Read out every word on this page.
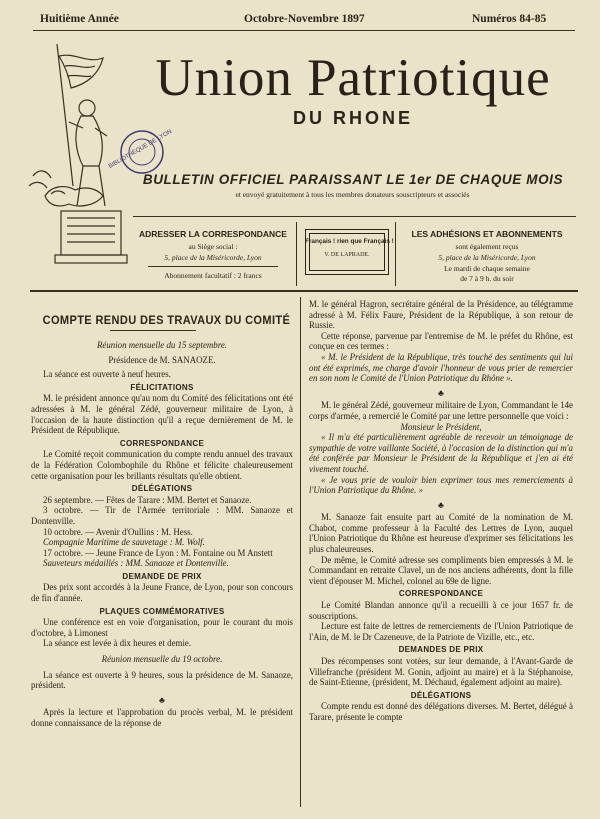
Huitième Année	Octobre-Novembre 1897	Numéros 84-85
BIBLIOTHÈQUE DE LYON
Union Patriotique
DU RHONE
BULLETIN OFFICIEL PARAISSANT LE 1er DE CHAQUE MOIS
et envoyé gratuitement à tous les membres donateurs souscripteurs et associés
ADRESSER LA CORRESPONDANCE
au Siège social :
5, place de la Miséricorde, Lyon
Abonnement facultatif : 2 francs
Français ! rien que Français !
V. DE LAPRADE.
LES ADHÉSIONS ET ABONNEMENTS
sont également reçus
5, place de la Miséricorde, Lyon
Le mardi de chaque semaine
de 7 à 9 h. du soir
COMPTE RENDU DES TRAVAUX DU COMITÉ

Réunion mensuelle du 15 septembre.

Présidence de M. SANAOZE.

La séance est ouverte à neuf heures.

FÉLICITATIONS

M. le président annonce qu'au nom du Comité des félicitations ont été adressées à M. le général Zédé, gouverneur militaire de Lyon, à l'occasion de la haute distinction qu'il a reçue dernièrement de M. le Président de République.

CORRESPONDANCE

Le Comité reçoit communication du compte rendu annuel des travaux de la Fédération Colombophile du Rhône et félicite chaleureusement cette organisation pour les brillants résultats qu'elle obtient.

DÉLÉGATIONS

26 septembre. — Fêtes de Tarare : MM. Bertet et Sanaoze.

3 octobre. — Tir de l'Armée territoriale : MM. Sanaoze et Dontenville.

10 octobre. — Avenir d'Oullins : M. Hess.

Compagnie Maritime de sauvetage : M. Wolf.

17 octobre. — Jeune France de Lyon : M. Fontaine ou M Anstett

Sauveteurs médaillés : MM. Sanaoze et Dontenville.

DEMANDE DE PRIX

Des prix sont accordés à la Jeune France, de Lyon, pour son concours de fin d'année.

PLAQUES COMMÉMORATIVES

Une conférence est en voie d'organisation, pour le courant du mois d'octobre, à Limonest

La séance est levée à dix heures et demie.

Réunion mensuelle du 19 octobre.

La séance est ouverte à 9 heures, sous la présidence de M. Sanaoze, président.

♣

Après la lecture et l'approbation du procès verbal, M. le président donne connaissance de la réponse de

M. le général Hagron, secrétaire général de la Présidence, au télégramme adressé à M. Félix Faure, Président de la République, à son retour de Russie.

Cette réponse, parvenue par l'entremise de M. le préfet du Rhône, est conçue en ces termes :

« M. le Président de la République, très touché des sentiments qui lui ont été exprimés, me charge d'avoir l'honneur de vous prier de remercier en son nom le Comité de l'Union Patriotique du Rhône ».

♣

M. le général Zédé, gouverneur militaire de Lyon, Commandant le 14e corps d'armée, a remercié le Comité par une lettre personnelle que voici :

Monsieur le Président,

« Il m'a été particulièrement agréable de recevoir un témoignage de sympathie de votre vaillante Société, à l'occasion de la distinction qui m'a été conférée par Monsieur le Président de la République et j'en ai été vivement touché.

« Je vous prie de vouloir bien exprimer tous mes remerciements à l'Union Patriotique du Rhône. »

♣

M. Sanaoze fait ensuite part au Comité de la nomination de M. Chabot, comme professeur à la Faculté des Lettres de Lyon, auquel l'Union Patriotique du Rhône est heureuse d'exprimer ses félicitations les plus chaleureuses.

De même, le Comité adresse ses compliments bien empressés à M. le Commandant en retraite Clavel, un de nos anciens adhérents, dont la fille vient d'épouser M. Michel, colonel au 69e de ligne.

CORRESPONDANCE

Le Comité Blandan annonce qu'il a recueilli à ce jour 1657 fr. de souscriptions.

Lecture est faite de lettres de remerciements de l'Union Patriotique de l'Ain, de M. le Dr Cazeneuve, de la Patriote de Vizille, etc., etc.

DEMANDES DE PRIX

Des récompenses sont votées, sur leur demande, à l'Avant-Garde de Villefranche (président M. Gonin, adjoint au maire) et à la Stéphanoise, de Saint-Etienne, (président, M. Déchaud, également adjoint au maire).

DÉLÉGATIONS

Compte rendu est donné des délégations diverses. M. Bertet, délégué à Tarare, présente le compte
